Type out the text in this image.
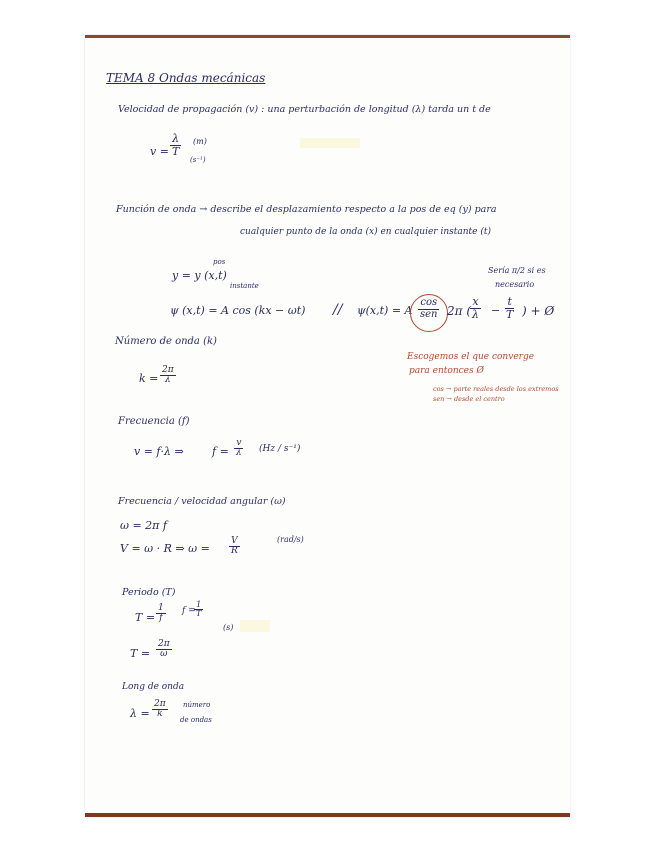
TEMA 8 Ondas mecánicas
Velocidad de propagación (v) : una perturbación de longitud (λ) tarda un t de
$v = \frac{\lambda}{T} (m)$
(s⁻¹)
Función de onda → describe el desplazamiento respecto a la pos de eq (y) para
cualquier punto de la onda (x) en cualquier instante (t)
pos
y = y (x,t)
instante
Sería π/2 si es
necesario
ψ (x,t) = A cos (kx − ωt) // ψ(x,t) = A
cos
sen 2π (
$\frac{x}{\lambda} - \frac{t}{T}$ ) + Ø
Número de onda (k)
$k = \frac{2\pi}{\lambda}$
Escogemos el que converge
para entonces Ø
cos → parte reales desde los extremos
sen → desde el centro
Frecuencia (f)
v = f·λ ⇒	$f = \frac{v}{\lambda} (Hz / s^{-1})$
Frecuencia / velocidad angular (ω)
ω = 2π f
V = ω · R ⇒ $\omega = \frac{V}{R}$	(rad/s)
Periodo (T)
$T = \frac{1}{f}$ f =
$\frac{1}{T}$
(s)
$T = \frac{2\pi}{\omega}$
Long de onda
$\lambda = \frac{2\pi}{k}$ número
de ondas
